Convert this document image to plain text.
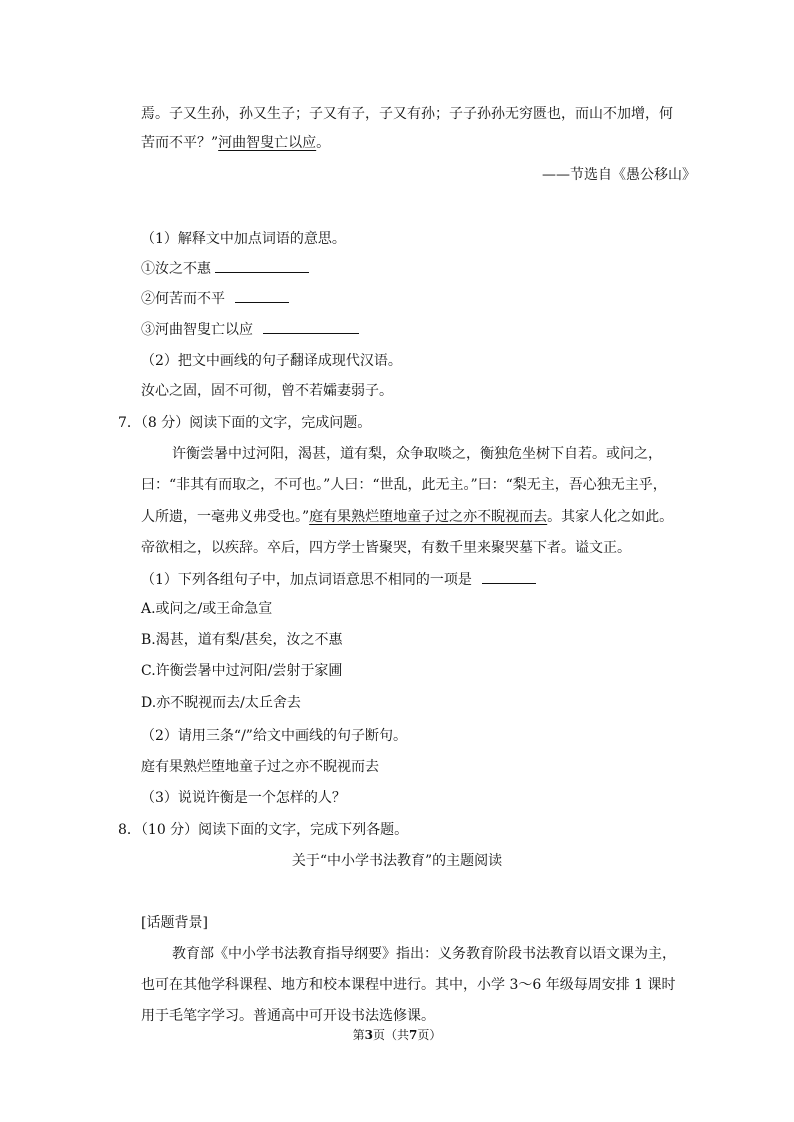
焉。子又生孙，孙又生子；子又有子，子又有孙；子子孙孙无穷匮也，而山不加增，何
苦而不平？”河曲智叟亡以应。
——节选自《愚公移山》
（1）解释文中加点词语的意思。
①汝之不惠
②何苦而不平
③河曲智叟亡以应
（2）把文中画线的句子翻译成现代汉语。
汝心之固，固不可彻，曾不若孀妻弱子。
7．（8 分）阅读下面的文字，完成问题。
许衡尝暑中过河阳，渴甚，道有梨，众争取啖之，衡独危坐树下自若。或问之，
曰：“非其有而取之，不可也。”人曰：“世乱，此无主。”曰：“梨无主，吾心独无主乎，
人所遗，一毫弗义弗受也。”庭有果熟烂堕地童子过之亦不睨视而去。其家人化之如此。
帝欲相之，以疾辞。卒后，四方学士皆聚哭，有数千里来聚哭墓下者。谥文正。
（1）下列各组句子中，加点词语意思不相同的一项是
A.或问之/或王命急宣
B.渴甚，道有梨/甚矣，汝之不惠
C.许衡尝暑中过河阳/尝射于家圃
D.亦不睨视而去/太丘舍去
（2）请用三条“/”给文中画线的句子断句。
庭有果熟烂堕地童子过之亦不睨视而去
（3）说说许衡是一个怎样的人？
8．（10 分）阅读下面的文字，完成下列各题。
关于“中小学书法教育”的主题阅读
[话题背景]
教育部《中小学书法教育指导纲要》指出：义务教育阶段书法教育以语文课为主，
也可在其他学科课程、地方和校本课程中进行。其中，小学 3～6 年级每周安排 1 课时
用于毛笔字学习。普通高中可开设书法选修课。
第3页（共7页）
